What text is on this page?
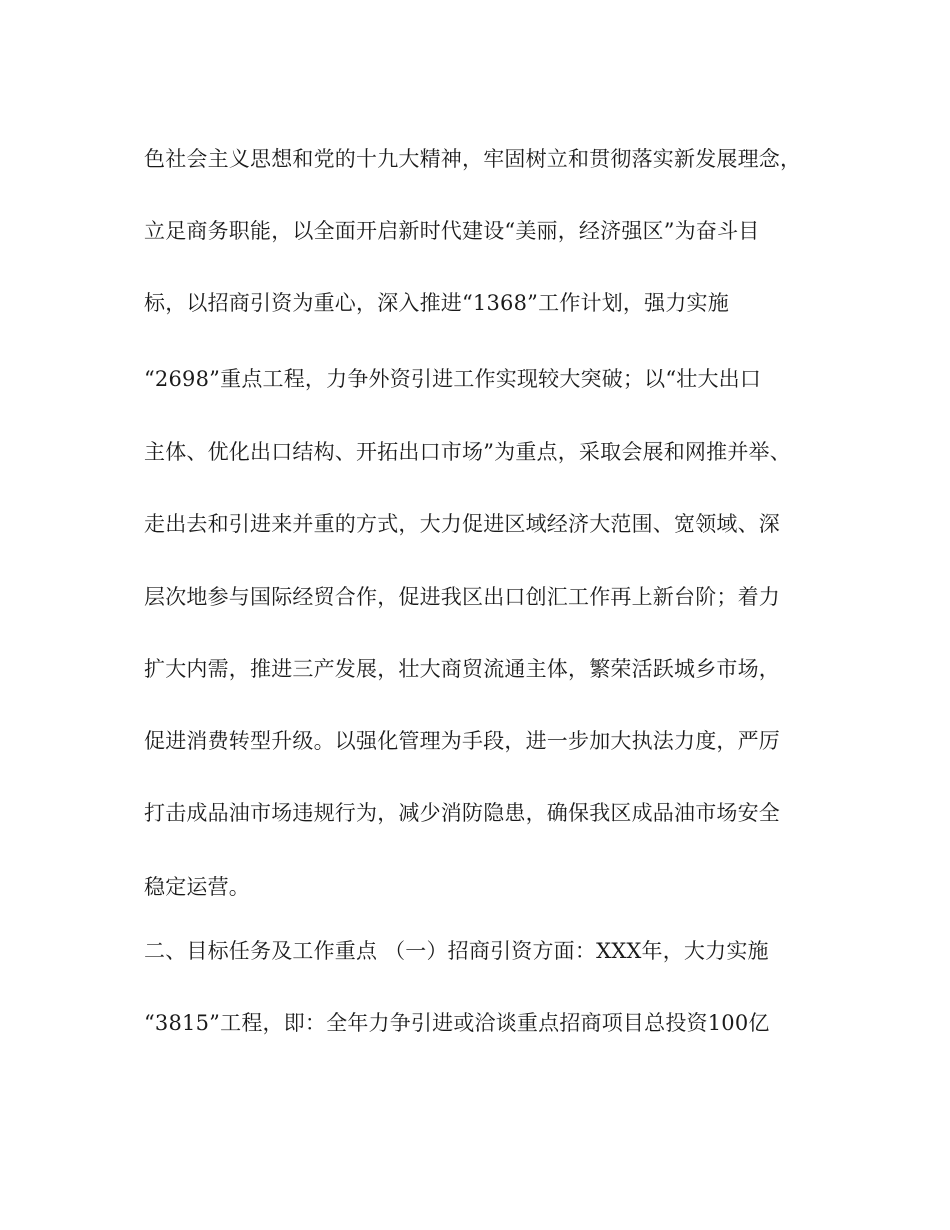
色社会主义思想和党的十九大精神，牢固树立和贯彻落实新发展理念，
立足商务职能，以全面开启新时代建设“美丽，经济强区”为奋斗目
标，以招商引资为重心，深入推进“1368”工作计划，强力实施
“2698”重点工程，力争外资引进工作实现较大突破；以“壮大出口
主体、优化出口结构、开拓出口市场”为重点，采取会展和网推并举、
走出去和引进来并重的方式，大力促进区域经济大范围、宽领域、深
层次地参与国际经贸合作，促进我区出口创汇工作再上新台阶；着力
扩大内需，推进三产发展，壮大商贸流通主体，繁荣活跃城乡市场，
促进消费转型升级。以强化管理为手段，进一步加大执法力度，严厉
打击成品油市场违规行为，减少消防隐患，确保我区成品油市场安全
稳定运营。
二、目标任务及工作重点 （一）招商引资方面：XXX年，大力实施
“3815”工程，即：全年力争引进或洽谈重点招商项目总投资100亿
